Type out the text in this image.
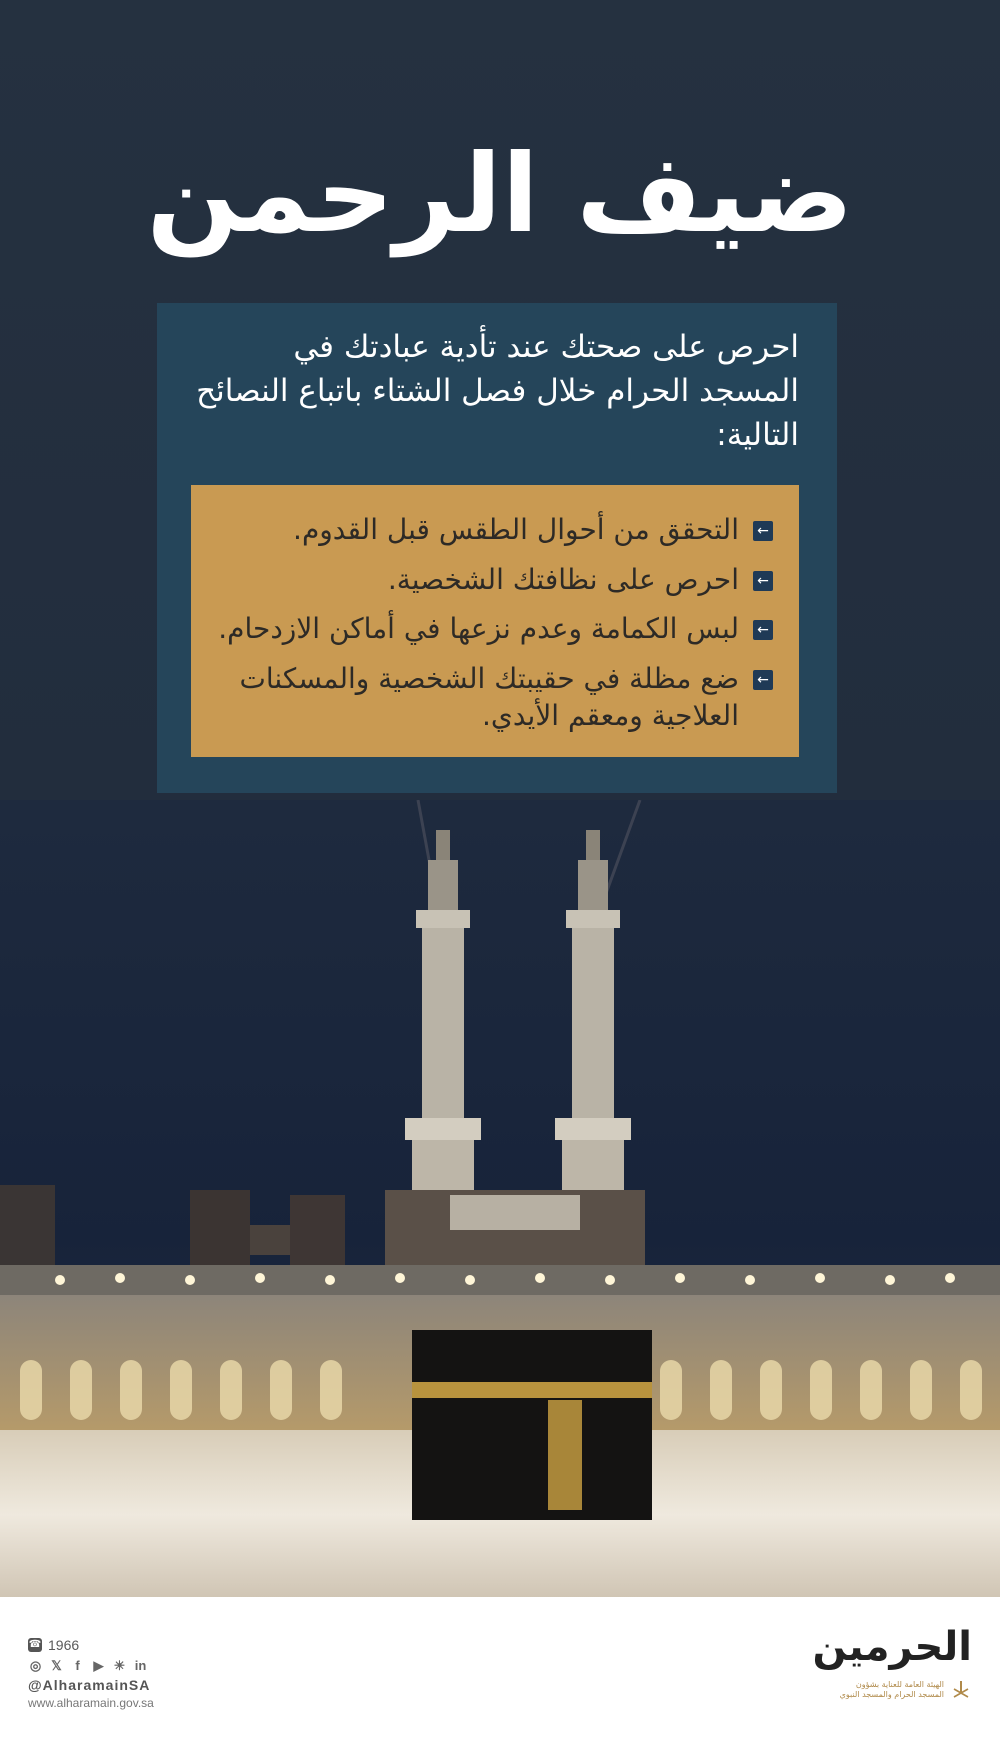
ضيف الرحمن

احرص على صحتك عند تأدية عبادتك في المسجد الحرام خلال فصل الشتاء باتباع النصائح التالية:

←
التحقق من أحوال الطقس قبل القدوم.
←
احرص على نظافتك الشخصية.
←
لبس الكمامة وعدم نزعها في أماكن الازدحام.
←
ضع مظلة في حقيبتك الشخصية والمسكنات العلاجية ومعقم الأيدي.
☎ 1966
◎ 𝕏	f	▶ ☀ in
@AlharamainSA
www.alharamain.gov.sa
الحرمين
الهيئة العامة للعناية بشؤون المسجد الحرام والمسجد النبوي
